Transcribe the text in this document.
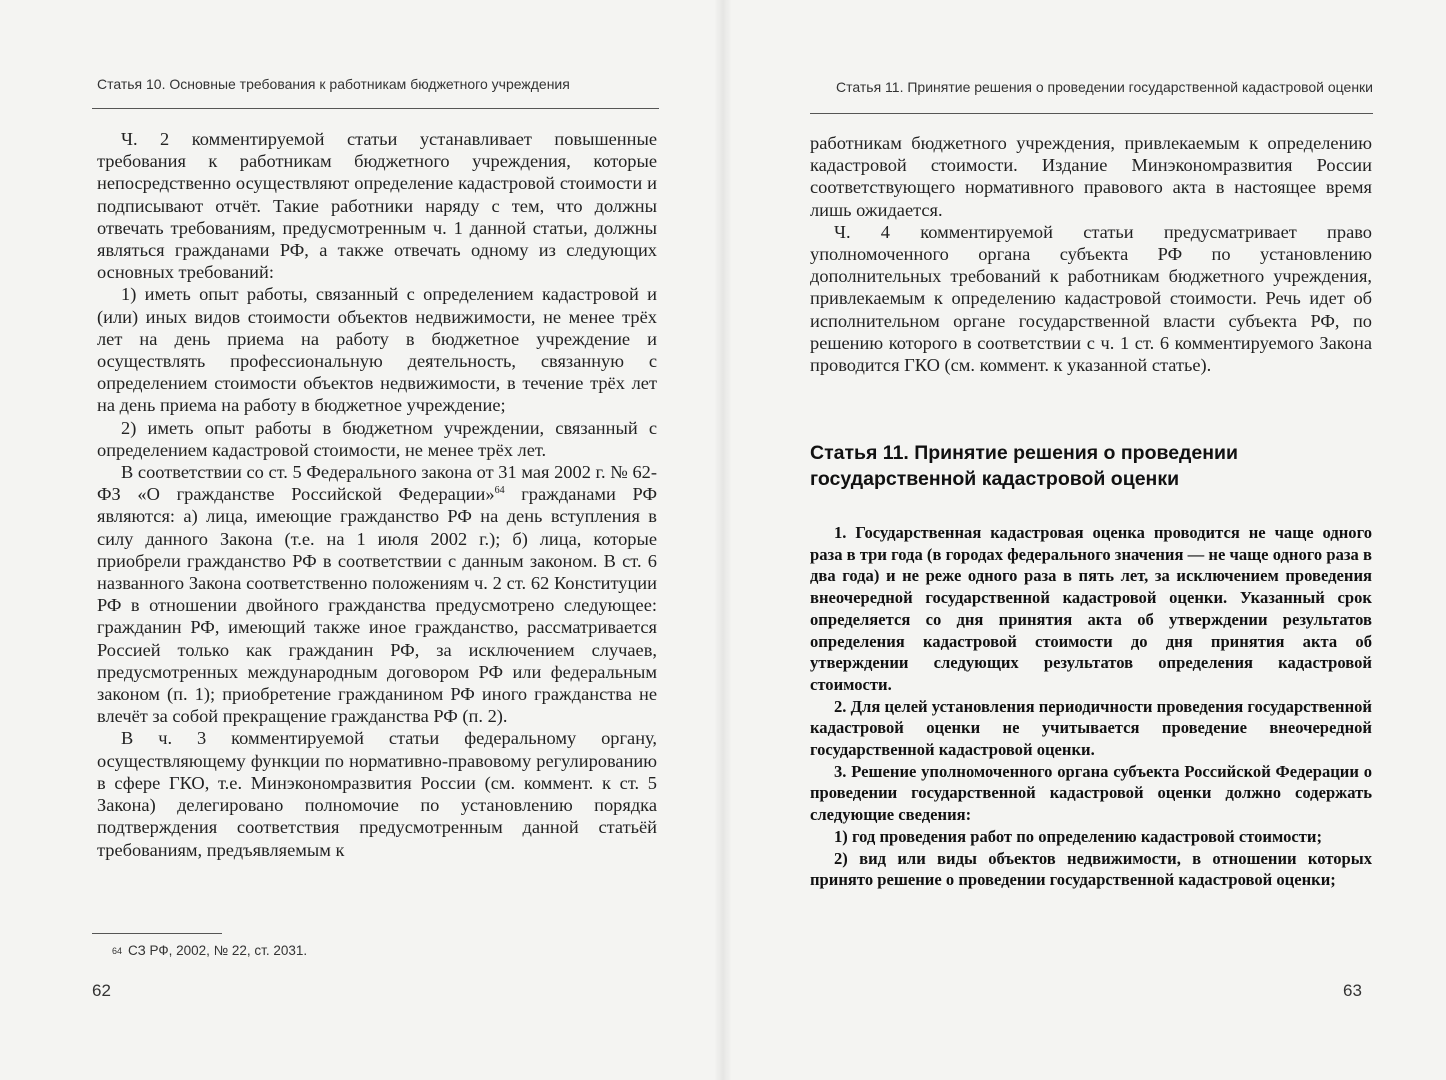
Статья 10. Основные требования к работникам бюджетного учреждения

Ч. 2 комментируемой статьи устанавливает повышенные требования к работникам бюджетного учреждения, которые непосредственно осуществляют определение кадастровой стоимости и подписывают отчёт. Такие работники наряду с тем, что должны отвечать требованиям, предусмотренным ч. 1 данной статьи, должны являться гражданами РФ, а также отвечать одному из следующих основных требований:

1) иметь опыт работы, связанный с определением кадастровой и (или) иных видов стоимости объектов недвижимости, не менее трёх лет на день приема на работу в бюджетное учреждение и осуществлять профессиональную деятельность, связанную с определением стоимости объектов недвижимости, в течение трёх лет на день приема на работу в бюджетное учреждение;

2) иметь опыт работы в бюджетном учреждении, связанный с определением кадастровой стоимости, не менее трёх лет.

В соответствии со ст. 5 Федерального закона от 31 мая 2002 г. № 62-ФЗ «О гражданстве Российской Федерации»$^{64}$ гражданами РФ являются: а) лица, имеющие гражданство РФ на день вступления в силу данного Закона (т.е. на 1 июля 2002 г.); б) лица, которые приобрели гражданство РФ в соответствии с данным законом. В ст. 6 названного Закона соответственно положениям ч. 2 ст. 62 Конституции РФ в отношении двойного гражданства предусмотрено следующее: гражданин РФ, имеющий также иное гражданство, рассматривается Россией только как гражданин РФ, за исключением случаев, предусмотренных международным договором РФ или федеральным законом (п. 1); приобретение гражданином РФ иного гражданства не влечёт за собой прекращение гражданства РФ (п. 2).

В ч. 3 комментируемой статьи федеральному органу, осуществляющему функции по нормативно-правовому регулированию в сфере ГКО, т.е. Минэкономразвития России (см. коммент. к ст. 5 Закона) делегировано полномочие по установлению порядка подтверждения соответствия предусмотренным данной статьёй требованиям, предъявляемым к

$^{64}$ СЗ РФ, 2002, № 22, ст. 2031.
62
Статья 11. Принятие решения о проведении государственной кадастровой оценки

работникам бюджетного учреждения, привлекаемым к определению кадастровой стоимости. Издание Минэкономразвития России соответствующего нормативного правового акта в настоящее время лишь ожидается.

Ч. 4 комментируемой статьи предусматривает право уполномоченного органа субъекта РФ по установлению дополнительных требований к работникам бюджетного учреждения, привлекаемым к определению кадастровой стоимости. Речь идет об исполнительном органе государственной власти субъекта РФ, по решению которого в соответствии с ч. 1 ст. 6 комментируемого Закона проводится ГКО (см. коммент. к указанной статье).

Статья 11. Принятие решения о проведении государственной кадастровой оценки

1. Государственная кадастровая оценка проводится не чаще одного раза в три года (в городах федерального значения — не чаще одного раза в два года) и не реже одного раза в пять лет, за исключением проведения внеочередной государственной кадастровой оценки. Указанный срок определяется со дня принятия акта об утверждении результатов определения кадастровой стоимости до дня принятия акта об утверждении следующих результатов определения кадастровой стоимости.

2. Для целей установления периодичности проведения государственной кадастровой оценки не учитывается проведение внеочередной государственной кадастровой оценки.

3. Решение уполномоченного органа субъекта Российской Федерации о проведении государственной кадастровой оценки должно содержать следующие сведения:

1) год проведения работ по определению кадастровой стоимости;

2) вид или виды объектов недвижимости, в отношении которых принято решение о проведении государственной кадастровой оценки;

63
